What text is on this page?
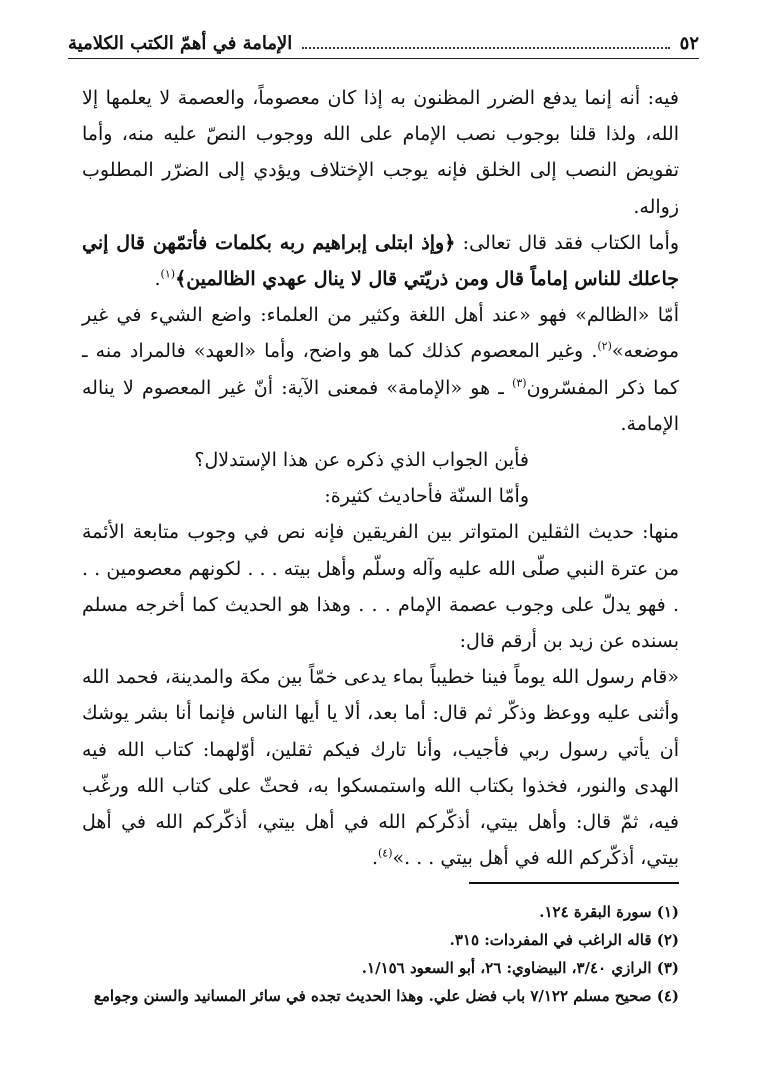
٥٢
الإمامة في أهمّ الكتب الكلامية

فيه: أنه إنما يدفع الضرر المظنون به إذا كان معصوماً، والعصمة لا يعلمها إلا الله، ولذا قلنا بوجوب نصب الإمام على الله ووجوب النصّ عليه منه، وأما تفويض النصب إلى الخلق فإنه يوجب الإختلاف ويؤدي إلى الضرّر المطلوب زواله.

وأما الكتاب فقد قال تعالى: ﴿وإذ ابتلى إبراهيم ربه بكلمات فأتمّهن قال إني جاعلك للناس إماماً قال ومن ذريّتي قال لا ينال عهدي الظالمين﴾$^{(١)}$.

أمّا «الظالم» فهو «عند أهل اللغة وكثير من العلماء: واضع الشيء في غير موضعه»$^{(٢)}$. وغير المعصوم كذلك كما هو واضح، وأما «العهد» فالمراد منه ـ كما ذكر المفسّرون$^{(٣)}$ ـ هو «الإمامة» فمعنى الآية: أنّ غير المعصوم لا يناله الإمامة.

فأين الجواب الذي ذكره عن هذا الإستدلال؟

وأمّا السنّة فأحاديث كثيرة:

منها: حديث الثقلين المتواتر بين الفريقين فإنه نص في وجوب متابعة الأئمة من عترة النبي صلّى الله عليه وآله وسلّم وأهل بيته . . . لكونهم معصومين . . . فهو يدلّ على وجوب عصمة الإمام . . . وهذا هو الحديث كما أخرجه مسلم بسنده عن زيد بن أرقم قال:

«قام رسول الله يوماً فينا خطيباً بماء يدعى خمّاً بين مكة والمدينة، فحمد الله وأثنى عليه ووعظ وذكّر ثم قال: أما بعد، ألا يا أيها الناس فإنما أنا بشر يوشك أن يأتي رسول ربي فأجيب، وأنا تارك فيكم ثقلين، أوّلهما: كتاب الله فيه الهدى والنور، فخذوا بكتاب الله واستمسكوا به، فحثّ على كتاب الله ورغّب فيه، ثمّ قال: وأهل بيتي، أذكّركم الله في أهل بيتي، أذكّركم الله في أهل بيتي، أذكّركم الله في أهل بيتي . . .»$^{(٤)}$.

(١) سورة البقرة ١٢٤.
(٢) قاله الراغب في المفردات: ٣١٥.
(٣) الرازي ٣/٤٠، البيضاوي: ٢٦، أبو السعود ١/١٥٦.
(٤) صحيح مسلم ٧/١٢٢ باب فضل علي. وهذا الحديث تجده في سائر المسانيد والسنن وجوامع
